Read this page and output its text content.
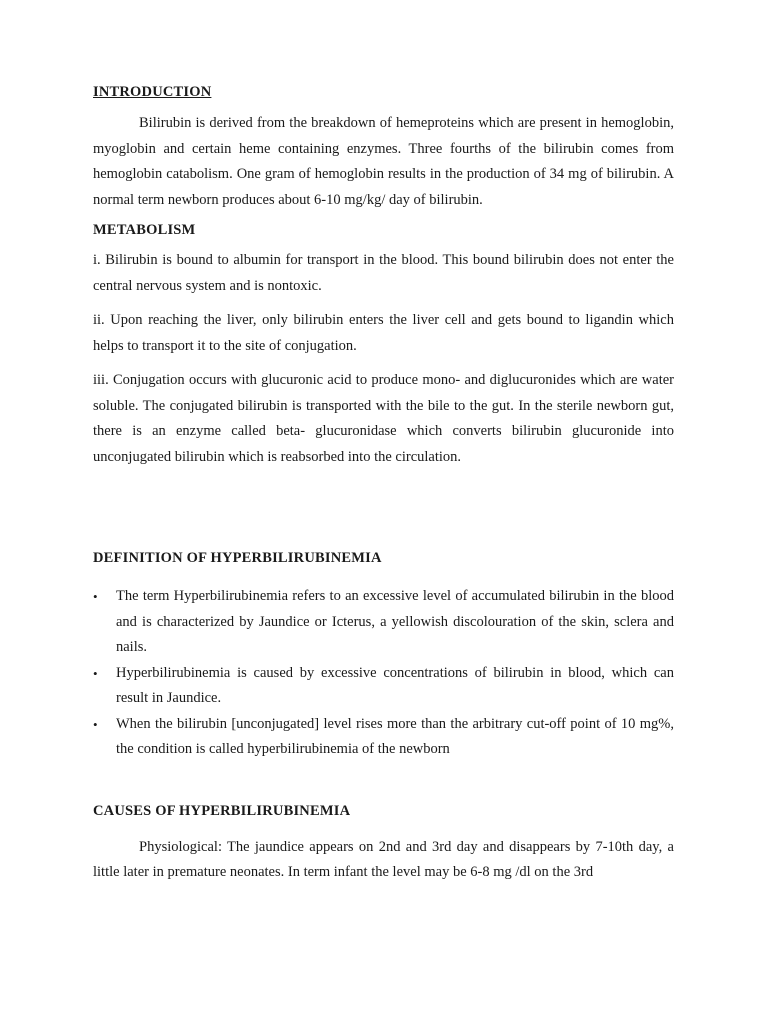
INTRODUCTION

Bilirubin is derived from the breakdown of hemeproteins which are present in hemoglobin, myoglobin and certain heme containing enzymes. Three fourths of the bilirubin comes from hemoglobin catabolism. One gram of hemoglobin results in the production of 34 mg of bilirubin. A normal term newborn produces about 6-10 mg/kg/ day of bilirubin.

METABOLISM

i. Bilirubin is bound to albumin for transport in the blood. This bound bilirubin does not enter the central nervous system and is nontoxic.

ii. Upon reaching the liver, only bilirubin enters the liver cell and gets bound to ligandin which helps to transport it to the site of conjugation.

iii. Conjugation occurs with glucuronic acid to produce mono- and diglucuronides which are water soluble. The conjugated bilirubin is transported with the bile to the gut. In the sterile newborn gut, there is an enzyme called beta- glucuronidase which converts bilirubin glucuronide into unconjugated bilirubin which is reabsorbed into the circulation.

DEFINITION OF HYPERBILIRUBINEMIA
• The term Hyperbilirubinemia refers to an excessive level of accumulated bilirubin in the blood and is characterized by Jaundice or Icterus, a yellowish discolouration of the skin, sclera and nails.
• Hyperbilirubinemia is caused by excessive concentrations of bilirubin in blood, which can result in Jaundice.
• When the bilirubin [unconjugated] level rises more than the arbitrary cut-off point of 10 mg%, the condition is called hyperbilirubinemia of the newborn
CAUSES OF HYPERBILIRUBINEMIA

Physiological: The jaundice appears on 2nd and 3rd day and disappears by 7-10th day, a little later in premature neonates. In term infant the level may be 6-8 mg /dl on the 3rd
